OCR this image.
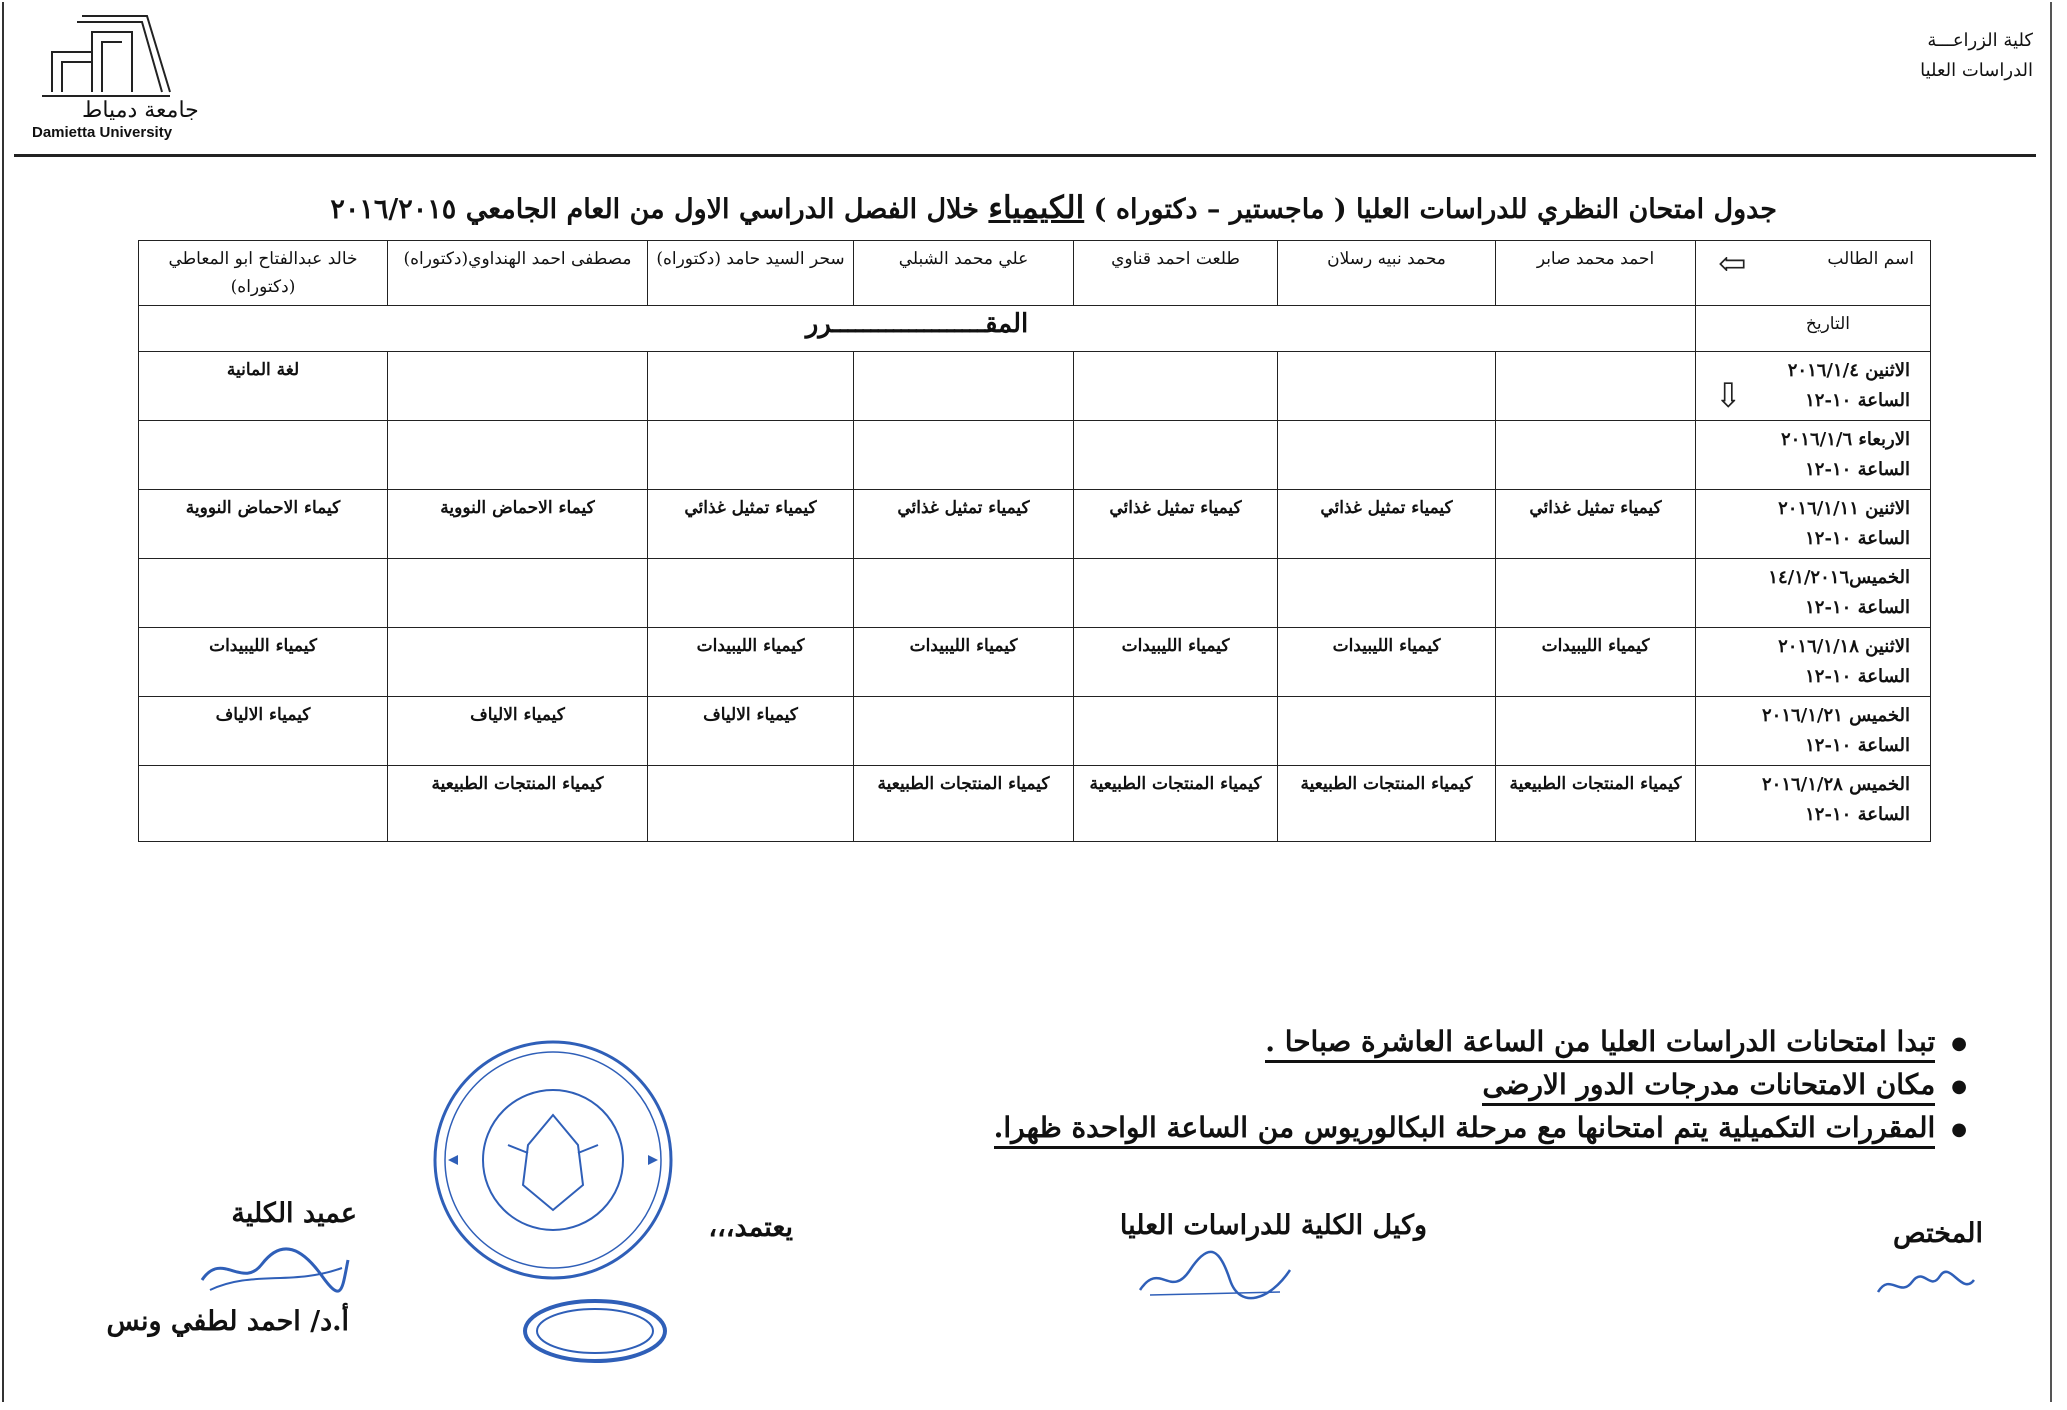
جامعة دمياط
Damietta University
كلية الزراعـــة
الدراسات العليا
جدول امتحان النظري للدراسات العليا ( ماجستير – دكتوراه ) الكيمياء خلال الفصل الدراسي الاول من العام الجامعي ٢٠١٦/٢٠١٥
اسم الطالب
⇦	احمد محمد صابر	محمد نبيه رسلان	طلعت احمد قناوي	علي محمد الشبلي	سحر السيد حامد (دكتوراه)	مصطفى احمد الهنداوي(دكتوراه)	خالد عبدالفتاح ابو المعاطي (دكتوراه)
التاريخ
⇩	المقــــــــــــــــــــرر						

الاثنين ٢٠١٦/١/٤
الساعة ١٠-١٢							لغة المانية

الاربعاء ٢٠١٦/١/٦
الساعة ١٠-١٢							

الاثنين ٢٠١٦/١/١١
الساعة ١٠-١٢	كيمياء تمثيل غذائي	كيمياء تمثيل غذائي	كيمياء تمثيل غذائي	كيمياء تمثيل غذائي	كيمياء تمثيل غذائي	كيماء الاحماض النووية	كيماء الاحماض النووية

الخميس١٤/١/٢٠١٦
الساعة ١٠-١٢							

الاثنين ٢٠١٦/١/١٨
الساعة ١٠-١٢	كيمياء الليبيدات	كيمياء الليبيدات	كيمياء الليبيدات	كيمياء الليبيدات	كيمياء الليبيدات		كيمياء الليبيدات

الخميس ٢٠١٦/١/٢١
الساعة ١٠-١٢					كيمياء الالياف	كيمياء الالياف	كيمياء الالياف

الخميس ٢٠١٦/١/٢٨
الساعة ١٠-١٢	كيمياء المنتجات الطبيعية	كيمياء المنتجات الطبيعية	كيمياء المنتجات الطبيعية	كيمياء المنتجات الطبيعية		كيمياء المنتجات الطبيعية	
●تبدا امتحانات الدراسات العليا من الساعة العاشرة صباحا .
●مكان الامتحانات مدرجات الدور الارضى
●المقررات التكميلية يتم امتحانها مع مرحلة البكالوريوس من الساعة الواحدة ظهرا.
المختص
وكيل الكلية للدراسات العليا
يعتمد،،،
عميد الكلية
أ.د/ احمد لطفي ونس
